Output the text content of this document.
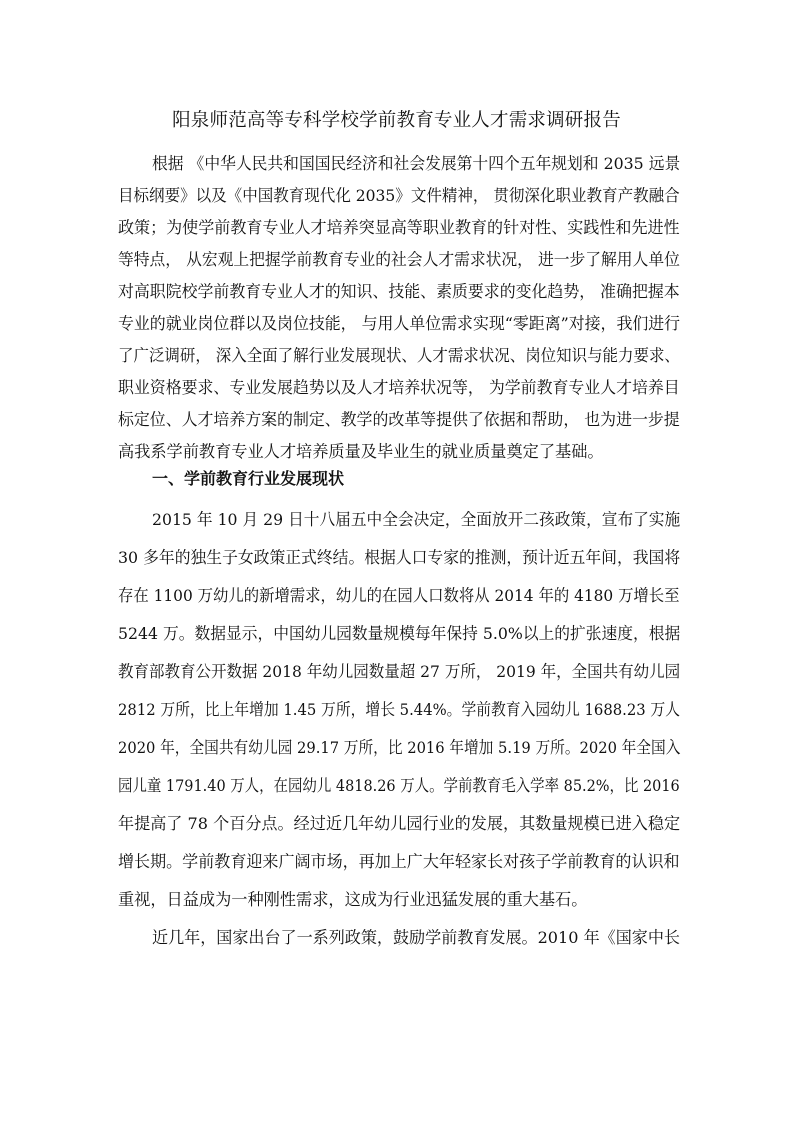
阳泉师范高等专科学校学前教育专业人才需求调研报告

根据 《中华人民共和国国民经济和社会发展第十四个五年规划和 2035 远景

目标纲要》以及《中国教育现代化 2035》文件精神， 贯彻深化职业教育产教融合

政策；为使学前教育专业人才培养突显高等职业教育的针对性、实践性和先进性

等特点， 从宏观上把握学前教育专业的社会人才需求状况， 进一步了解用人单位

对高职院校学前教育专业人才的知识、技能、素质要求的变化趋势， 准确把握本

专业的就业岗位群以及岗位技能， 与用人单位需求实现“零距离”对接，我们进行

了广泛调研， 深入全面了解行业发展现状、人才需求状况、岗位知识与能力要求、

职业资格要求、专业发展趋势以及人才培养状况等， 为学前教育专业人才培养目

标定位、人才培养方案的制定、教学的改革等提供了依据和帮助， 也为进一步提

高我系学前教育专业人才培养质量及毕业生的就业质量奠定了基础。

一、学前教育行业发展现状

2015 年 10 月 29 日十八届五中全会决定，全面放开二孩政策，宣布了实施

30 多年的独生子女政策正式终结。根据人口专家的推测，预计近五年间，我国将

存在 1100 万幼儿的新增需求，幼儿的在园人口数将从 2014 年的 4180 万增长至

5244 万。数据显示，中国幼儿园数量规模每年保持 5.0%以上的扩张速度，根据

教育部教育公开数据 2018 年幼儿园数量超 27 万所， 2019 年，全国共有幼儿园

2812 万所，比上年增加 1.45 万所，增长 5.44%。学前教育入园幼儿 1688.23 万人

2020 年，全国共有幼儿园 29.17 万所，比 2016 年增加 5.19 万所。2020 年全国入

园儿童 1791.40 万人，在园幼儿 4818.26 万人。学前教育毛入学率 85.2%，比 2016

年提高了 78 个百分点。经过近几年幼儿园行业的发展，其数量规模已进入稳定

增长期。学前教育迎来广阔市场，再加上广大年轻家长对孩子学前教育的认识和

重视，日益成为一种刚性需求，这成为行业迅猛发展的重大基石。

近几年，国家出台了一系列政策，鼓励学前教育发展。2010 年《国家中长
